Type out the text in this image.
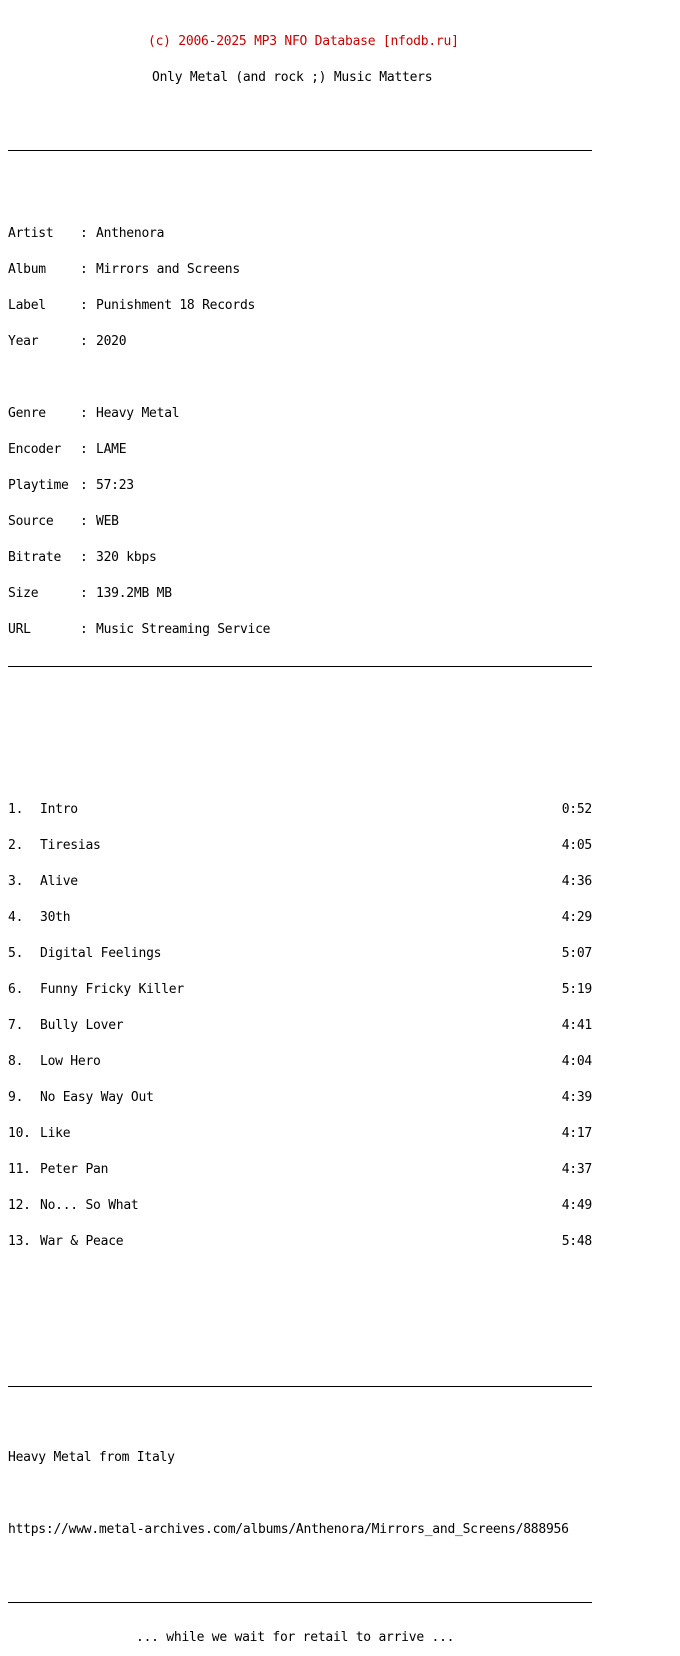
(c) 2006-2025 MP3 NFO Database [nfodb.ru]

Only Metal (and rock ;) Music Matters

Artist	: Anthenora

Album	: Mirrors and Screens

Label	: Punishment 18 Records

Year	: 2020

Genre	: Heavy Metal

Encoder	: LAME

Playtime : 57:23

Source	: WEB

Bitrate	: 320 kbps

Size	: 139.2MB MB

URL	: Music Streaming Service

1.	Intro	0:52

2.	Tiresias	4:05

3.	Alive	4:36

4.	30th	4:29

5.	Digital Feelings	5:07

6.	Funny Fricky Killer	5:19

7.	Bully Lover	4:41

8.	Low Hero	4:04

9.	No Easy Way Out	4:39

10. Like	4:17

11. Peter Pan	4:37

12. No... So What	4:49

13. War & Peace	5:48

Heavy Metal from Italy

https://www.metal-archives.com/albums/Anthenora/Mirrors_and_Screens/888956

... while we wait for retail to arrive ...
